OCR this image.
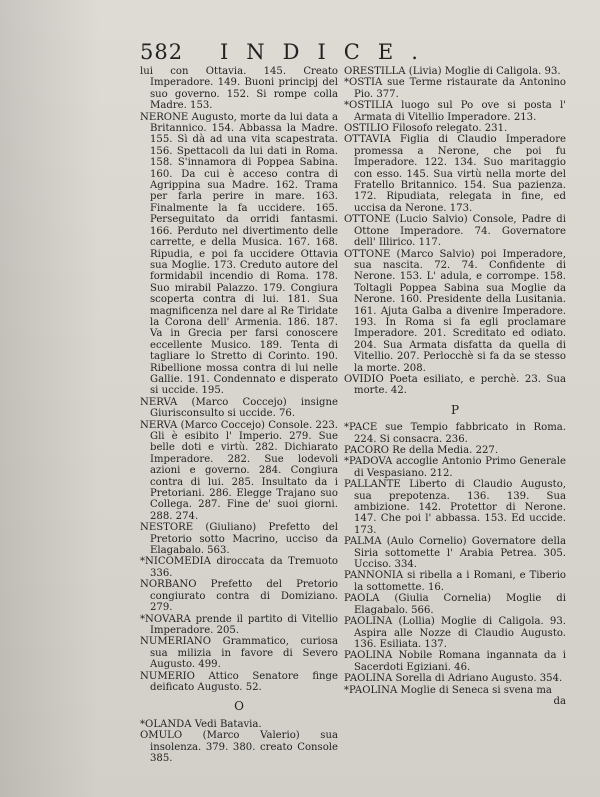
582 INDICE.

lui con Ottavia. 145. Creato Imperadore. 149. Buoni principj del suo governo. 152. Si rompe colla Madre. 153.

NERONE Augusto, morte da lui data a Britannico. 154. Abbassa la Madre. 155. Sì dà ad una vita scapestrata. 156. Spettacoli da lui dati in Roma. 158. S'innamora di Poppea Sabina. 160. Da cui è acceso contra di Agrippina sua Madre. 162. Trama per farla perire in mare. 163. Finalmente la fa uccidere. 165. Perseguitato da orridi fantasmi. 166. Perduto nel divertimento delle carrette, e della Musica. 167. 168. Ripudia, e poi fa uccidere Ottavia sua Moglie. 173. Creduto autore del formidabil incendio di Roma. 178. Suo mirabil Palazzo. 179. Congiura scoperta contra di lui. 181. Sua magnificenza nel dare al Re Tiridate la Corona dell' Armenia. 186. 187. Va in Grecia per farsi conoscere eccellente Musico. 189. Tenta di tagliare lo Stretto di Corinto. 190. Ribellione mossa contra di lui nelle Gallie. 191. Condennato e disperato si uccide. 195.

NERVA (Marco Coccejo) insigne Giurisconsulto si uccide. 76.

NERVA (Marco Coccejo) Console. 223. Gli è esibito l' Imperio. 279. Sue belle doti e virtù. 282. Dichiarato Imperadore. 282. Sue lodevoli azioni e governo. 284. Congiura contra di lui. 285. Insultato da i Pretoriani. 286. Elegge Trajano suo Collega. 287. Fine de' suoi giorni. 288. 274.

NESTORE (Giuliano) Prefetto del Pretorio sotto Macrino, ucciso da Elagabalo. 563.

*NICOMEDIA diroccata da Tremuoto 336.

NORBANO Prefetto del Pretorio congiurato contra di Domiziano. 279.

*NOVARA prende il partito di Vitellio Imperadore. 205.

NUMERIANO Grammatico, curiosa sua milizia in favore di Severo Augusto. 499.

NUMERIO Attico Senatore finge deificato Augusto. 52.

O

*OLANDA Vedi Batavia.

OMULO (Marco Valerio) sua insolenza. 379. 380. creato Console 385.

ORESTILLA (Livia) Moglie di Caligola. 93.

*OSTIA sue Terme ristaurate da Antonino Pio. 377.

*OSTILIA luogo sul Po ove si posta l' Armata di Vitellio Imperadore. 213.

OSTILIO Filosofo relegato. 231.

OTTAVIA Figlia di Claudio Imperadore promessa a Nerone, che poi fu Imperadore. 122. 134. Suo maritaggio con esso. 145. Sua virtù nella morte del Fratello Britannico. 154. Sua pazienza. 172. Ripudiata, relegata in fine, ed uccisa da Nerone. 173.

OTTONE (Lucio Salvio) Console, Padre di Ottone Imperadore. 74. Governatore dell' Illirico. 117.

OTTONE (Marco Salvio) poi Imperadore, sua nascita. 72. 74. Confidente di Nerone. 153. L' adula, e corrompe. 158. Toltagli Poppea Sabina sua Moglie da Nerone. 160. Presidente della Lusitania. 161. Ajuta Galba a divenire Imperadore. 193. In Roma si fa egli proclamare Imperadore. 201. Screditato ed odiato. 204. Sua Armata disfatta da quella di Vitellio. 207. Perlocchè si fa da se stesso la morte. 208.

OVIDIO Poeta esiliato, e perchè. 23. Sua morte. 42.

P

*PACE sue Tempio fabbricato in Roma. 224. Si consacra. 236.

PACORO Re della Media. 227.

*PADOVA accoglie Antonio Primo Generale di Vespasiano. 212.

PALLANTE Liberto di Claudio Augusto, sua prepotenza. 136. 139. Sua ambizione. 142. Protettor di Nerone. 147. Che poi l' abbassa. 153. Ed uccide. 173.

PALMA (Aulo Cornelio) Governatore della Siria sottomette l' Arabia Petrea. 305. Ucciso. 334.

PANNONIA si ribella a i Romani, e Tiberio la sottomette. 16.

PAOLA (Giulia Cornelia) Moglie di Elagabalo. 566.

PAOLINA (Lollia) Moglie di Caligola. 93. Aspira alle Nozze di Claudio Augusto. 136. Esiliata. 137.

PAOLINA Nobile Romana ingannata da i Sacerdoti Egiziani. 46.

PAOLINA Sorella di Adriano Augusto. 354.

*PAOLINA Moglie di Seneca si svena ma

da
